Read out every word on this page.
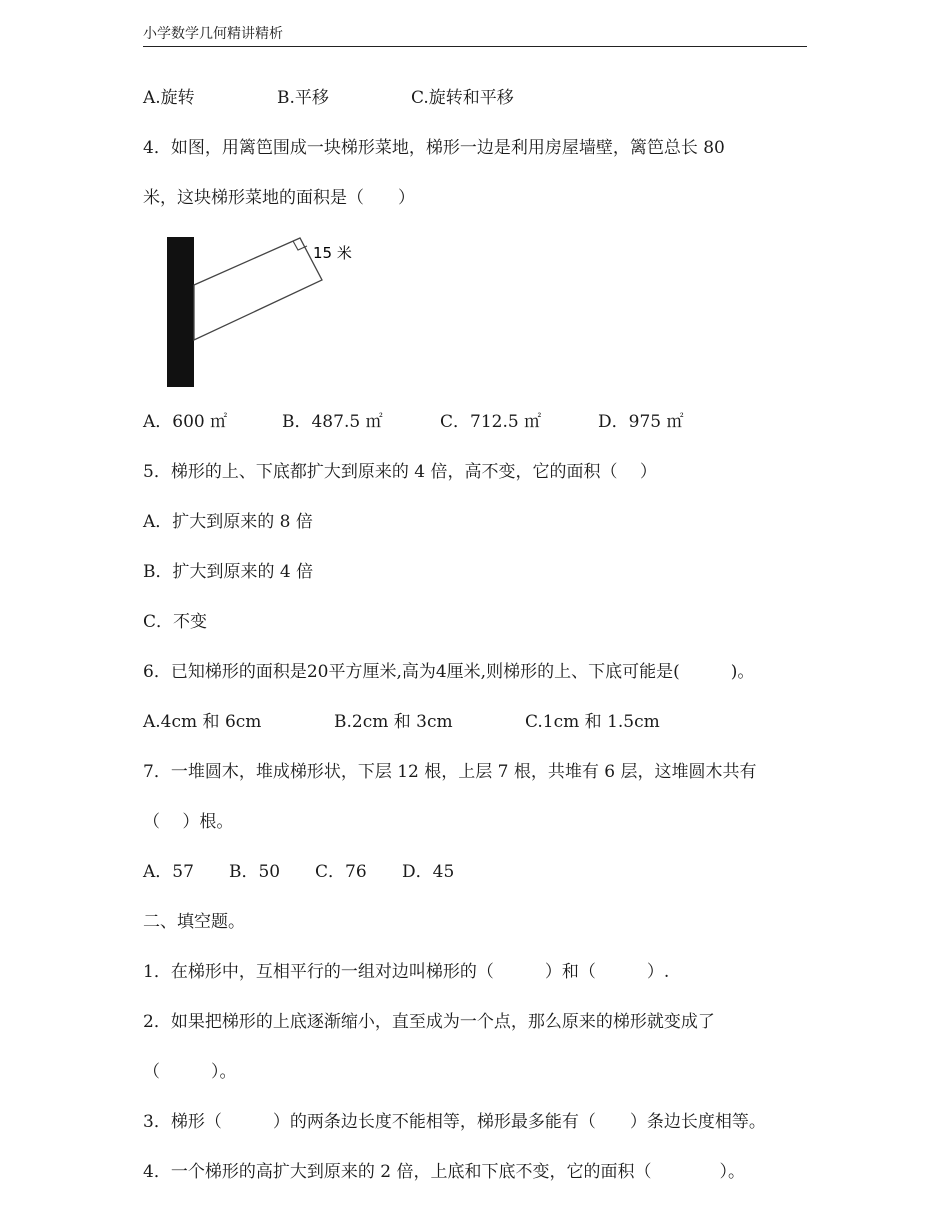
小学数学几何精讲精析
A.旋转	B.平移	C.旋转和平移
4．如图，用篱笆围成一块梯形菜地，梯形一边是利用房屋墙壁，篱笆总长 80
米，这块梯形菜地的面积是（　　）
15 米
A．600 ㎡	B．487.5 ㎡	C．712.5 ㎡	D．975 ㎡
5．梯形的上、下底都扩大到原来的 4 倍，高不变，它的面积（　 ）
A．扩大到原来的 8 倍
B．扩大到原来的 4 倍
C．不变
6．已知梯形的面积是20平方厘米,高为4厘米,则梯形的上、下底可能是(　　　)。
A.4cm 和 6cm	B.2cm 和 3cm	C.1cm 和 1.5cm
7．一堆圆木，堆成梯形状，下层 12 根，上层 7 根，共堆有 6 层，这堆圆木共有
（　 ）根。
A．57 B．50 C．76 D．45
二、填空题。
1．在梯形中，互相平行的一组对边叫梯形的（　　　）和（　　　）.
2．如果把梯形的上底逐渐缩小，直至成为一个点，那么原来的梯形就变成了
（　　　）。
3．梯形（　　　）的两条边长度不能相等，梯形最多能有（　　）条边长度相等。
4．一个梯形的高扩大到原来的 2 倍，上底和下底不变，它的面积（　　　　）。
